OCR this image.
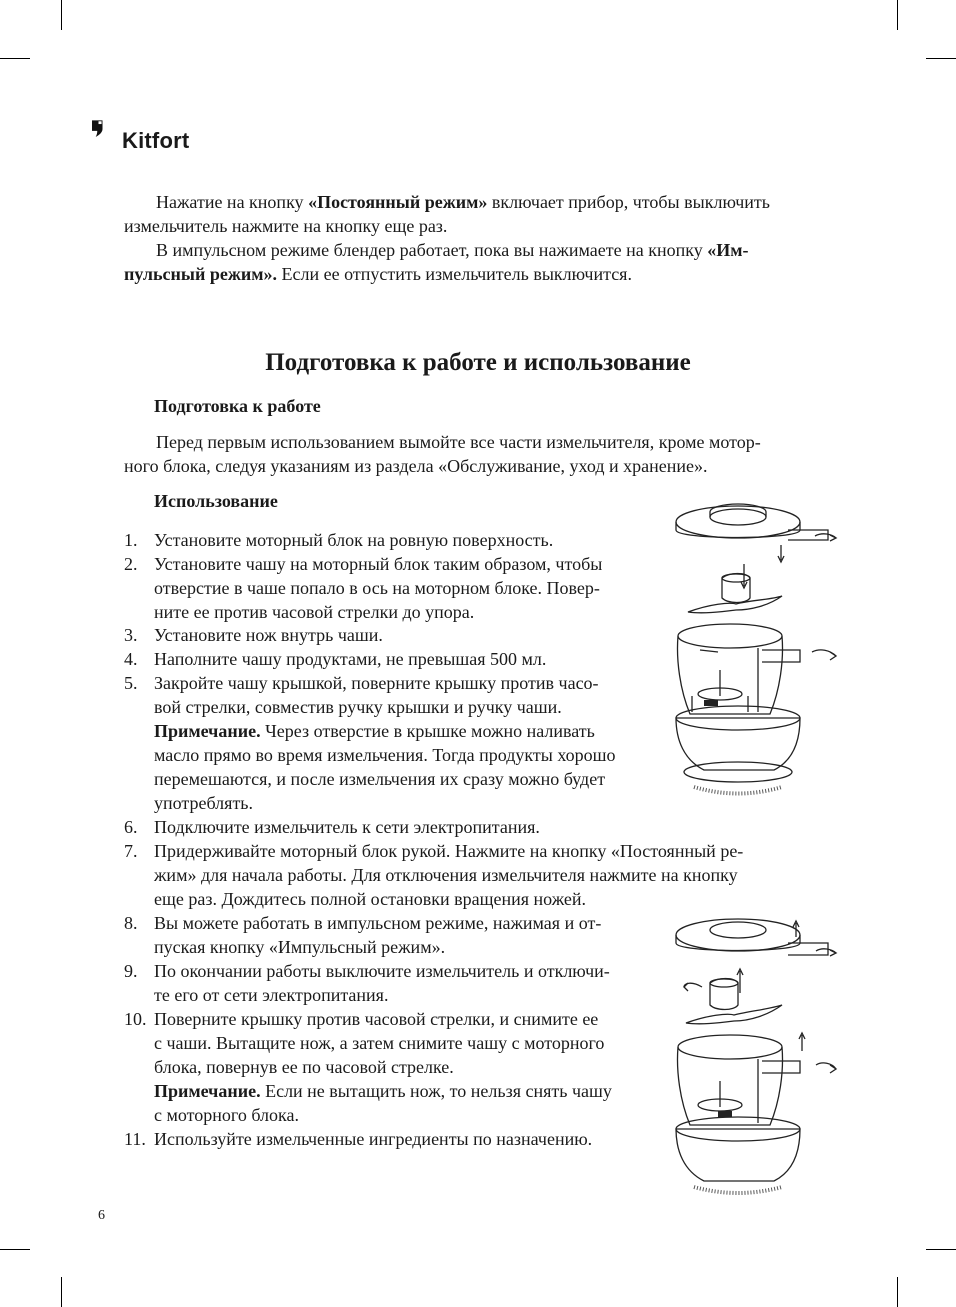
Kitfort
Нажатие на кнопку «Постоянный режим» включает прибор, чтобы выключить
измельчитель нажмите на кнопку еще раз.
В импульсном режиме блендер работает, пока вы нажимаете на кнопку «Им-
пульсный режим». Если ее отпустить измельчитель выключится.
Подготовка к работе и использование
Подготовка к работе
Перед первым использованием вымойте все части измельчителя, кроме мотор-
ного блока, следуя указаниям из раздела «Обслуживание, уход и хранение».
Использование
1. Установите моторный блок на ровную поверхность.
2. Установите чашу на моторный блок таким образом, чтобы
отверстие в чаше попало в ось на моторном блоке. Повер-
ните ее против часовой стрелки до упора.
3. Установите нож внутрь чаши.
4. Наполните чашу продуктами, не превышая 500 мл.
5. Закройте чашу крышкой, поверните крышку против часо-
вой стрелки, совместив ручку крышки и ручку чаши.
Примечание. Через отверстие в крышке можно наливать
масло прямо во время измельчения. Тогда продукты хорошо
перемешаются, и после измельчения их сразу можно будет
употреблять.
6. Подключите измельчитель к сети электропитания.
7. Придерживайте моторный блок рукой. Нажмите на кнопку «Постоянный ре-
жим» для начала работы. Для отключения измельчителя нажмите на кнопку
еще раз. Дождитесь полной остановки вращения ножей.
8. Вы можете работать в импульсном режиме, нажимая и от-
пуская кнопку «Импульсный режим».
9. По окончании работы выключите измельчитель и отключи-
те его от сети электропитания.
10. Поверните крышку против часовой стрелки, и снимите ее
с чаши. Вытащите нож, а затем снимите чашу с моторного
блока, повернув ее по часовой стрелке.
Примечание. Если не вытащить нож, то нельзя снять чашу
с моторного блока.
11. Используйте измельченные ингредиенты по назначению.
6
